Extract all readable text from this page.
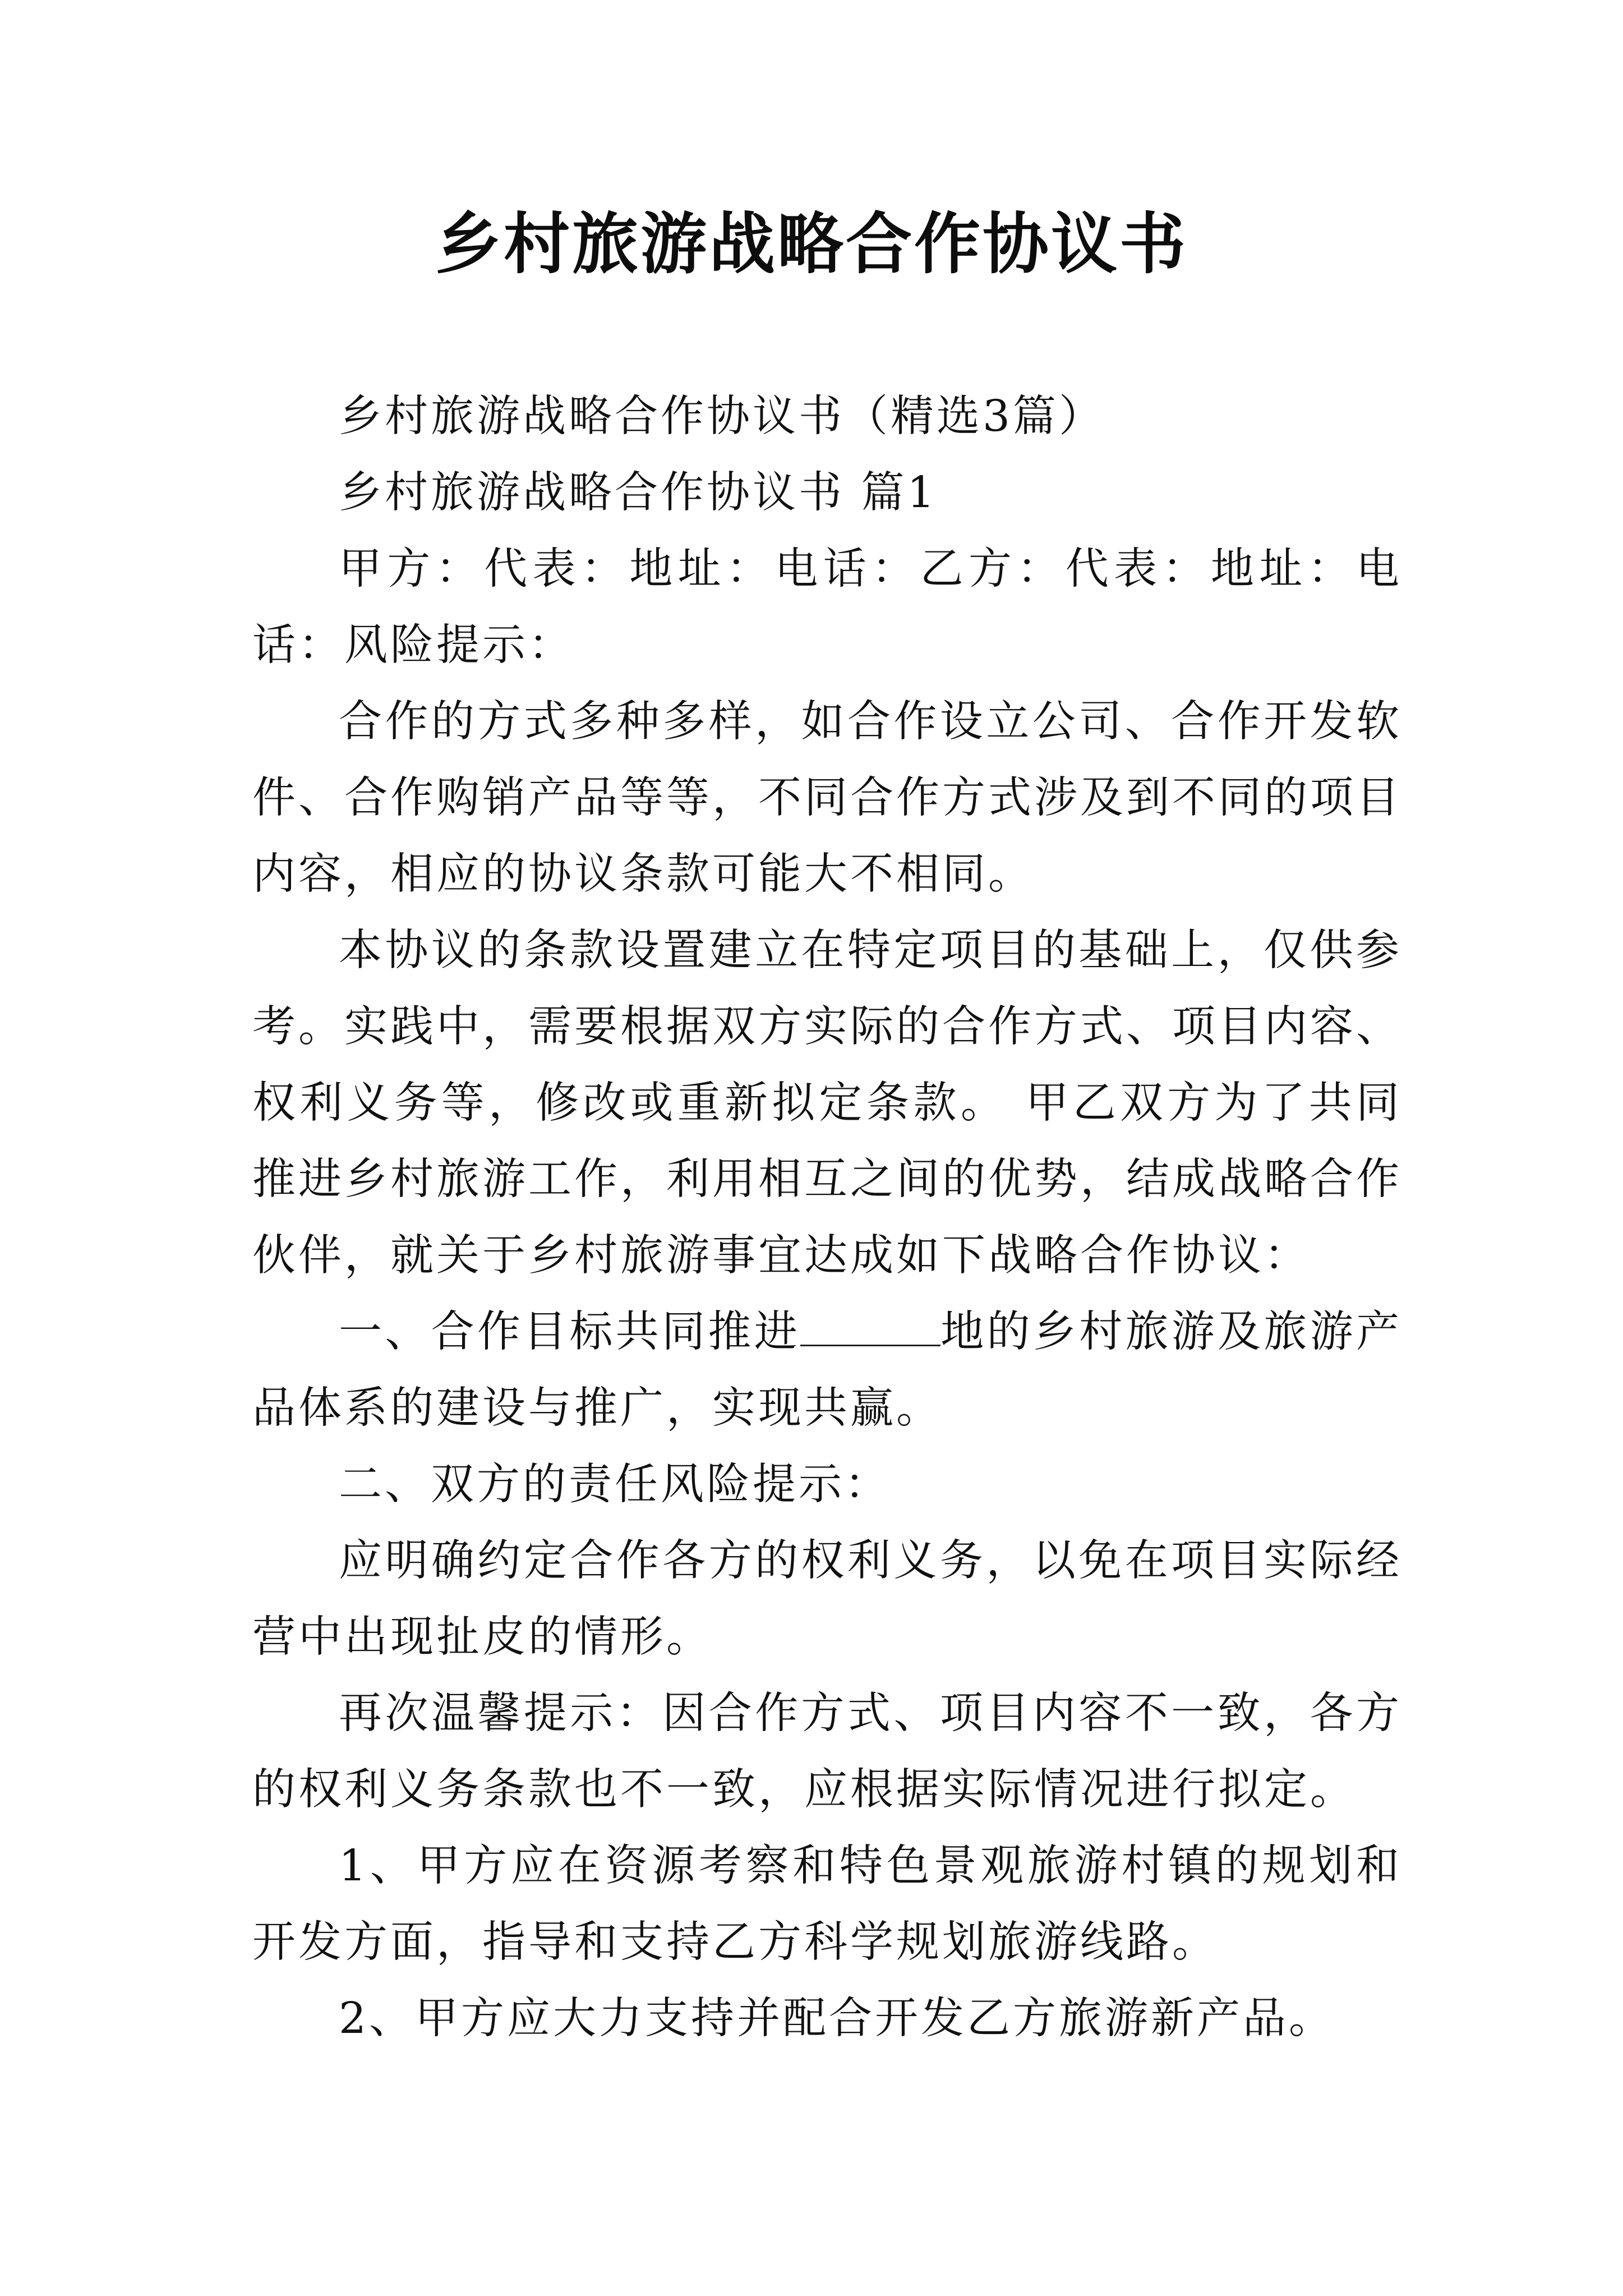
乡村旅游战略合作协议书

乡村旅游战略合作协议书（精选3篇）

乡村旅游战略合作协议书 篇1

甲方：代表：地址：电话：乙方：代表：地址：电话：风险提示：

合作的方式多种多样，如合作设立公司、合作开发软件、合作购销产品等等，不同合作方式涉及到不同的项目内容，相应的协议条款可能大不相同。

本协议的条款设置建立在特定项目的基础上，仅供参考。实践中，需要根据双方实际的合作方式、项目内容、权利义务等，修改或重新拟定条款。 甲乙双方为了共同推进乡村旅游工作，利用相互之间的优势，结成战略合作伙伴，就关于乡村旅游事宜达成如下战略合作协议：

一、合作目标共同推进	地的乡村旅游及旅游产品体系的建设与推广，实现共赢。

二、双方的责任风险提示：

应明确约定合作各方的权利义务，以免在项目实际经营中出现扯皮的情形。

再次温馨提示：因合作方式、项目内容不一致，各方的权利义务条款也不一致，应根据实际情况进行拟定。

1、甲方应在资源考察和特色景观旅游村镇的规划和开发方面，指导和支持乙方科学规划旅游线路。

2、甲方应大力支持并配合开发乙方旅游新产品。
